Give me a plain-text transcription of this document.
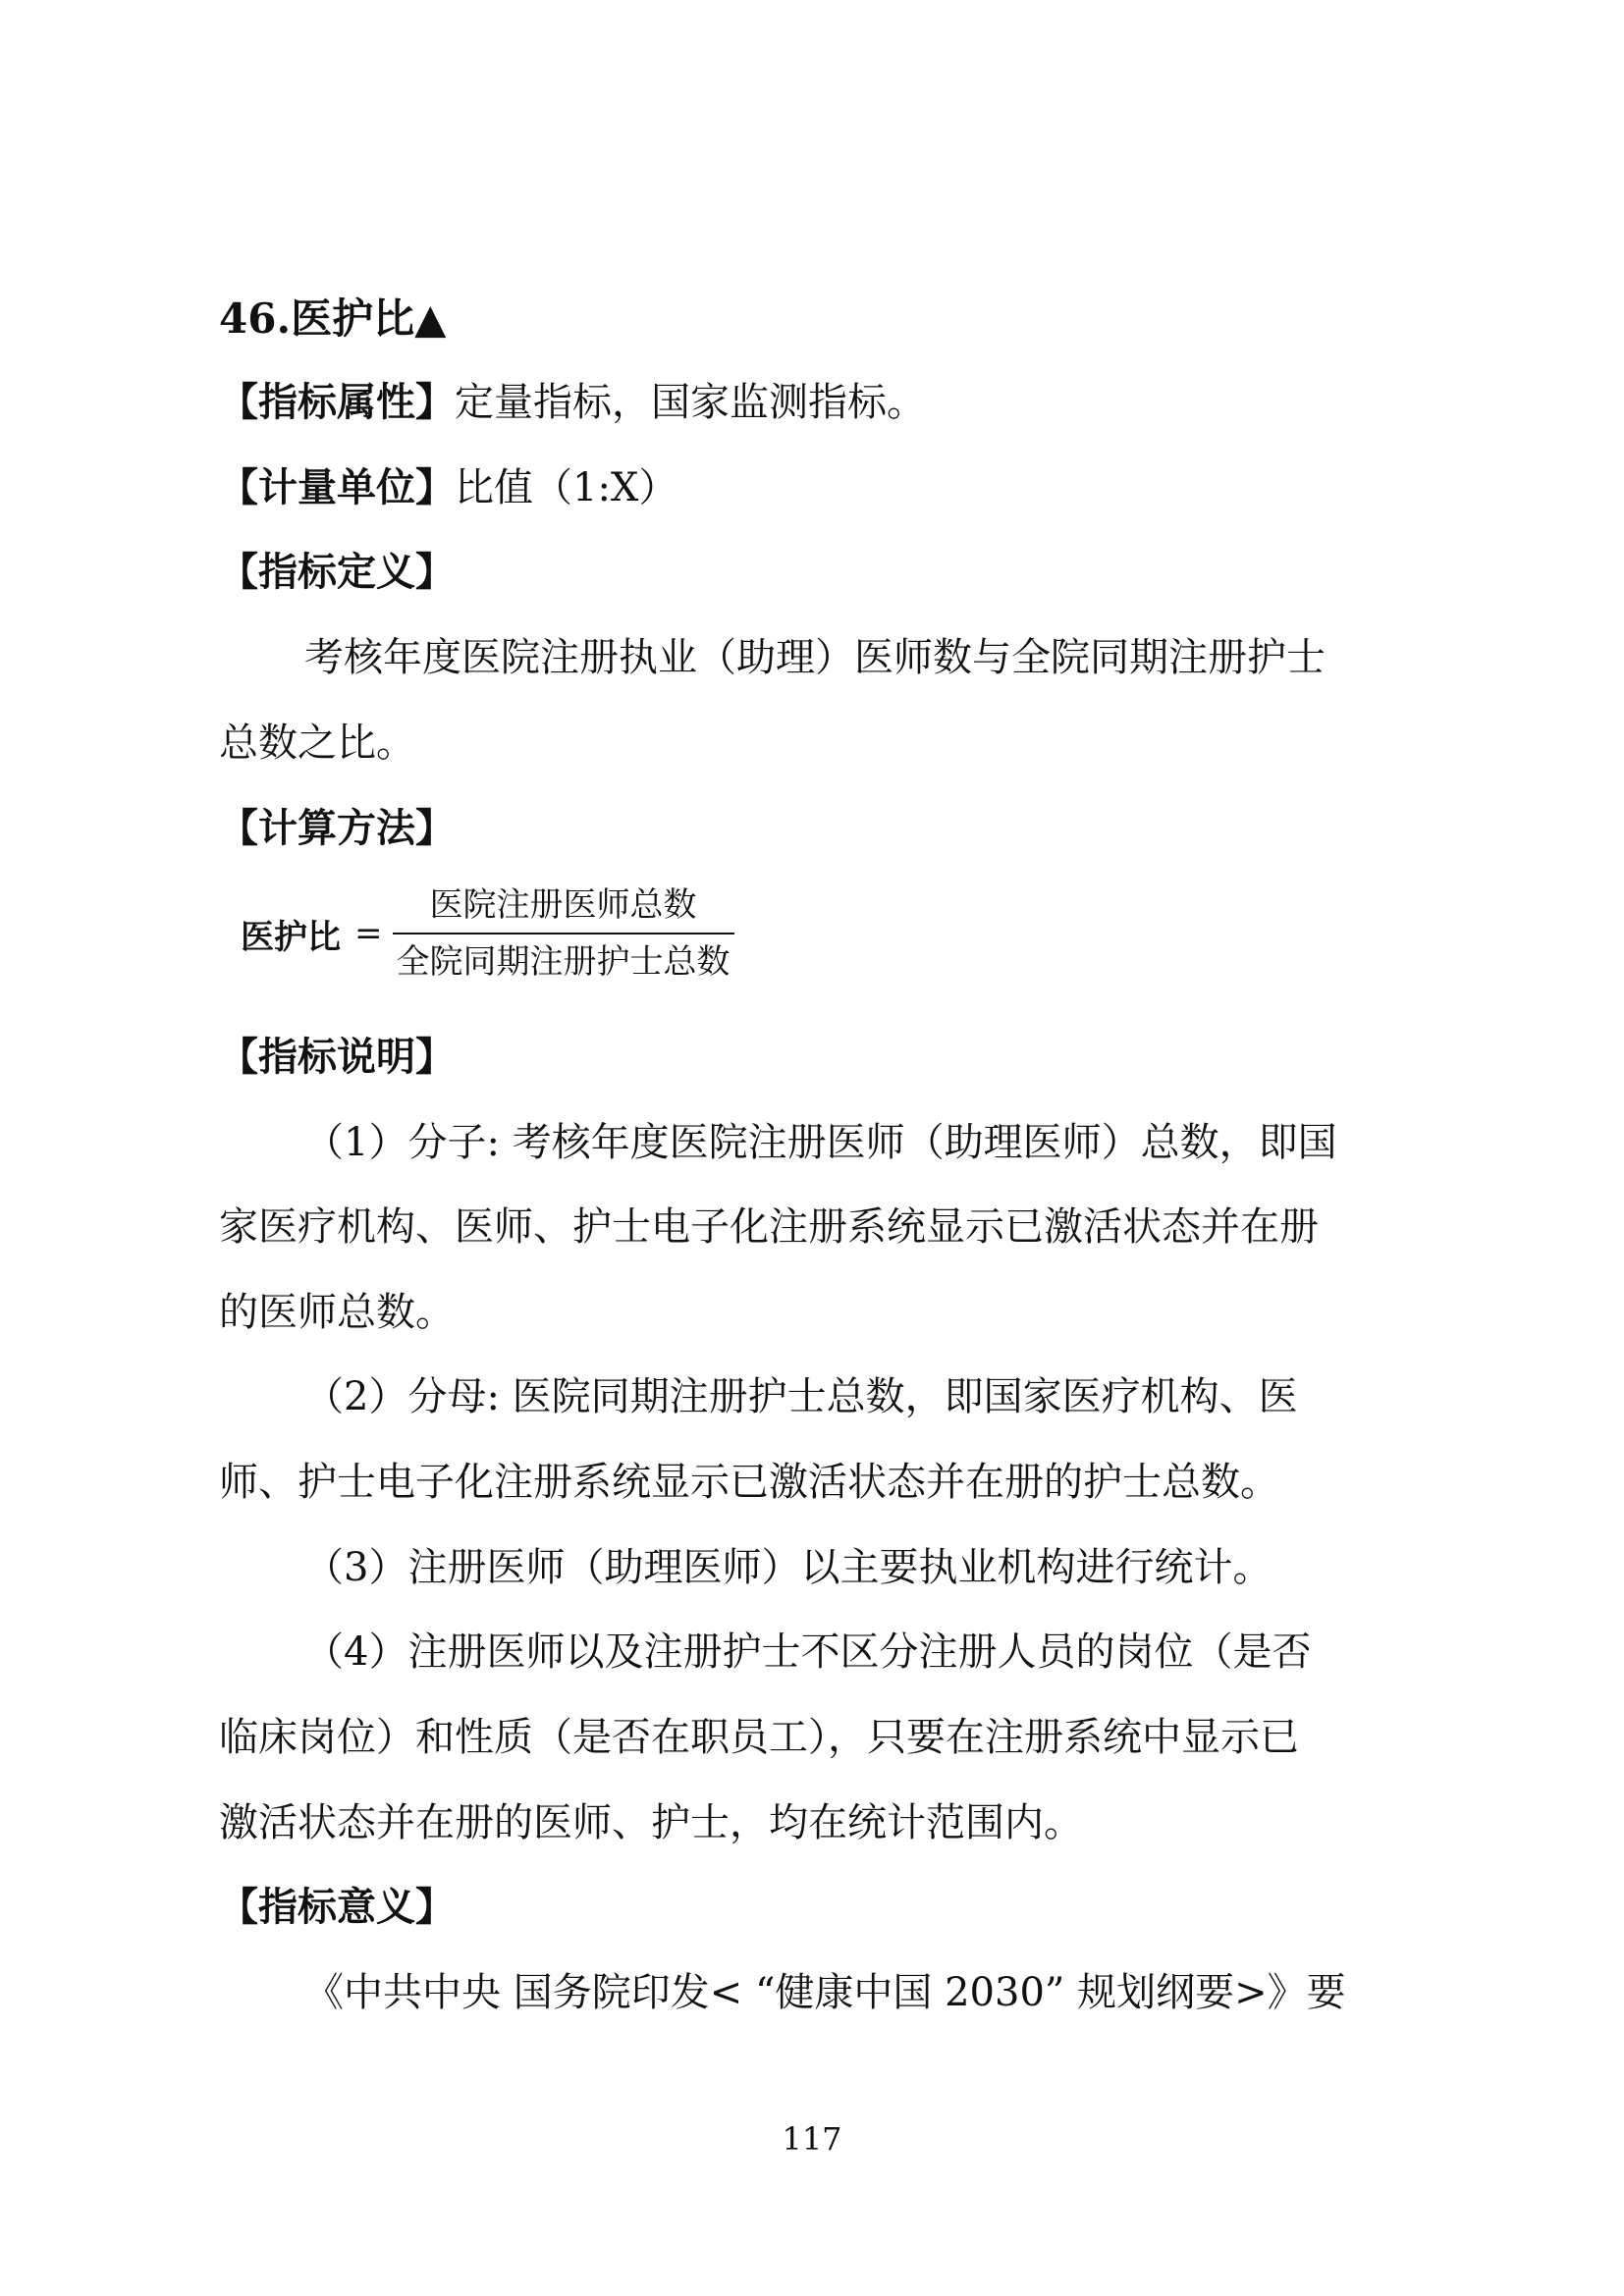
46.医护比▲
【指标属性】定量指标，国家监测指标。
【计量单位】比值（1:X）
【指标定义】
考核年度医院注册执业（助理）医师数与全院同期注册护士
总数之比。
【计算方法】
医护比 = $\frac{\text{医院注册医师总数}}{\text{全院同期注册护士总数}}$
【指标说明】
（1）分子: 考核年度医院注册医师（助理医师）总数，即国
家医疗机构、医师、护士电子化注册系统显示已激活状态并在册
的医师总数。
（2）分母: 医院同期注册护士总数，即国家医疗机构、医
师、护士电子化注册系统显示已激活状态并在册的护士总数。
（3）注册医师（助理医师）以主要执业机构进行统计。
（4）注册医师以及注册护士不区分注册人员的岗位（是否
临床岗位）和性质（是否在职员工），只要在注册系统中显示已
激活状态并在册的医师、护士，均在统计范围内。
【指标意义】
《中共中央 国务院印发< “健康中国 2030” 规划纲要>》要
117
